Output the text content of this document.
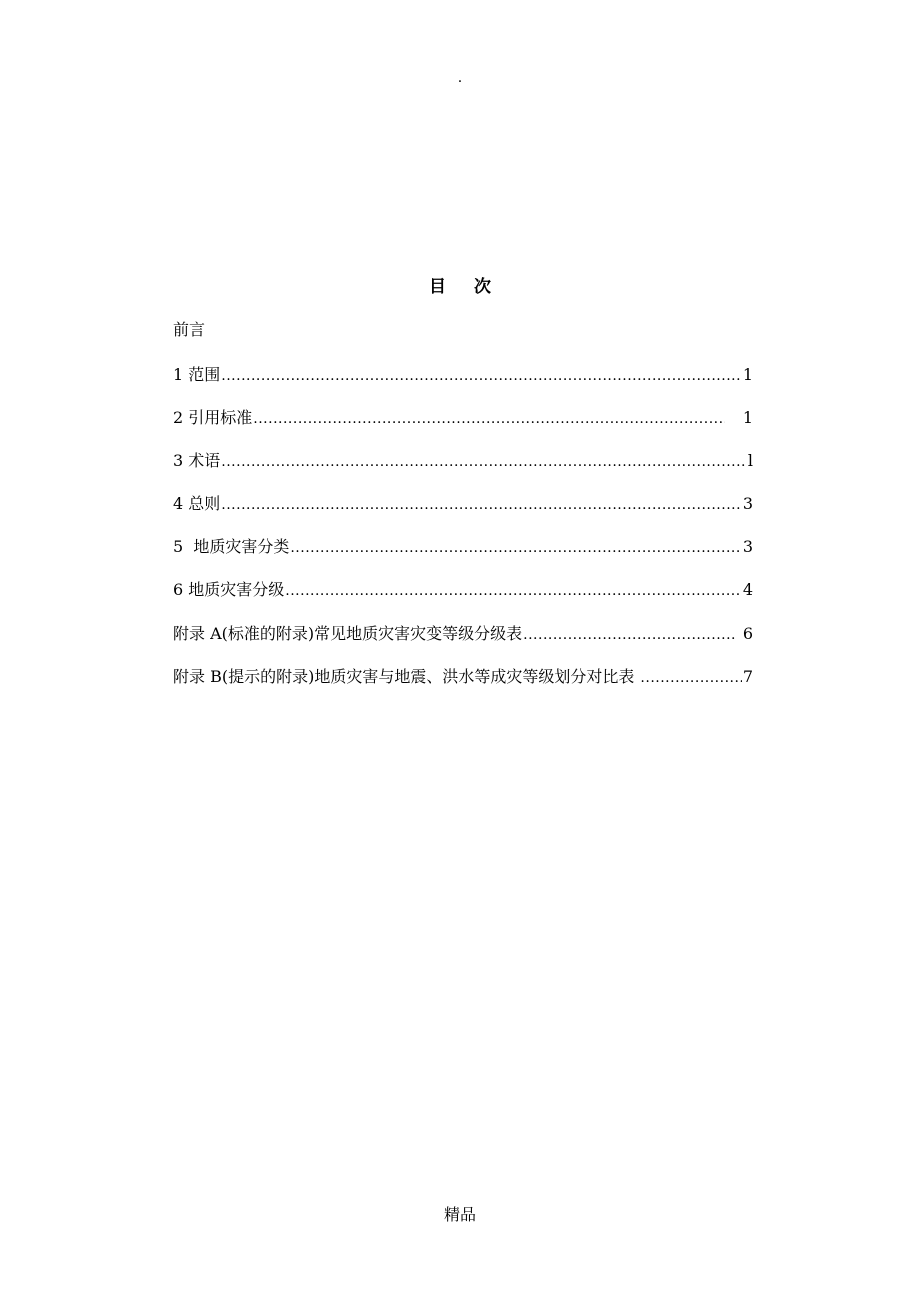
.
目次
前言
1 范围 .....	1
2 引用标准 .....	1
3 术语 .....	l
4 总则 .....	3
5  地质灾害分类 .....	3
6 地质灾害分级 .....	4
附录 A(标准的附录)常见地质灾害灾变等级分级表 .....	6
附录 B(提示的附录)地质灾害与地震、洪水等成灾等级划分对比表 .....	7
精品
